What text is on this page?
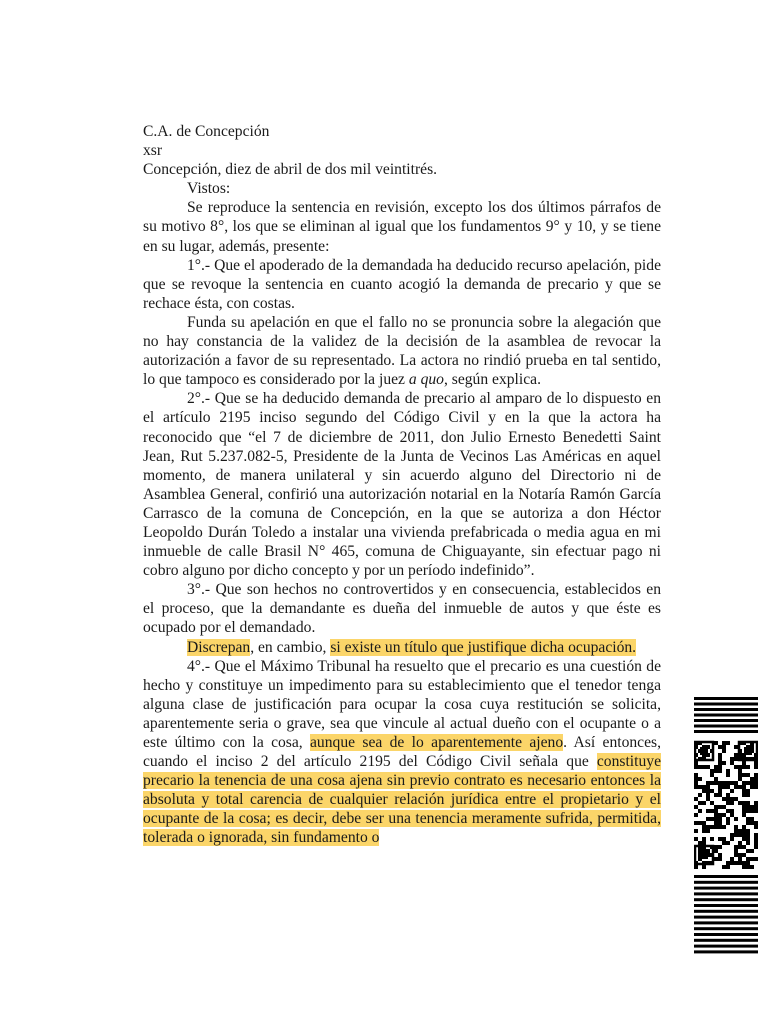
C.A. de Concepción

xsr

Concepción, diez de abril de dos mil veintitrés.

Vistos:

Se reproduce la sentencia en revisión, excepto los dos últimos párrafos de su motivo 8°, los que se eliminan al igual que los fundamentos 9° y 10, y se tiene en su lugar, además, presente:

1°.- Que el apoderado de la demandada ha deducido recurso apelación, pide que se revoque la sentencia en cuanto acogió la demanda de precario y que se rechace ésta, con costas.

Funda su apelación en que el fallo no se pronuncia sobre la alegación que no hay constancia de la validez de la decisión de la asamblea de revocar la autorización a favor de su representado. La actora no rindió prueba en tal sentido, lo que tampoco es considerado por la juez a quo, según explica.

2°.- Que se ha deducido demanda de precario al amparo de lo dispuesto en el artículo 2195 inciso segundo del Código Civil y en la que la actora ha reconocido que “el 7 de diciembre de 2011, don Julio Ernesto Benedetti Saint Jean, Rut 5.237.082-5, Presidente de la Junta de Vecinos Las Américas en aquel momento, de manera unilateral y sin acuerdo alguno del Directorio ni de Asamblea General, confirió una autorización notarial en la Notaría Ramón García Carrasco de la comuna de Concepción, en la que se autoriza a don Héctor Leopoldo Durán Toledo a instalar una vivienda prefabricada o media agua en mi inmueble de calle Brasil N° 465, comuna de Chiguayante, sin efectuar pago ni cobro alguno por dicho concepto y por un período indefinido”.

3°.- Que son hechos no controvertidos y en consecuencia, establecidos en el proceso, que la demandante es dueña del inmueble de autos y que éste es ocupado por el demandado.

Discrepan, en cambio, si existe un título que justifique dicha ocupación.

4°.- Que el Máximo Tribunal ha resuelto que el precario es una cuestión de hecho y constituye un impedimento para su establecimiento que el tenedor tenga alguna clase de justificación para ocupar la cosa cuya restitución se solicita, aparentemente seria o grave, sea que vincule al actual dueño con el ocupante o a este último con la cosa, aunque sea de lo aparentemente ajeno. Así entonces, cuando el inciso 2 del artículo 2195 del Código Civil señala que constituye precario la tenencia de una cosa ajena sin previo contrato es necesario entonces la absoluta y total carencia de cualquier relación jurídica entre el propietario y el ocupante de la cosa; es decir, debe ser una tenencia meramente sufrida, permitida, tolerada o ignorada, sin fundamento o
